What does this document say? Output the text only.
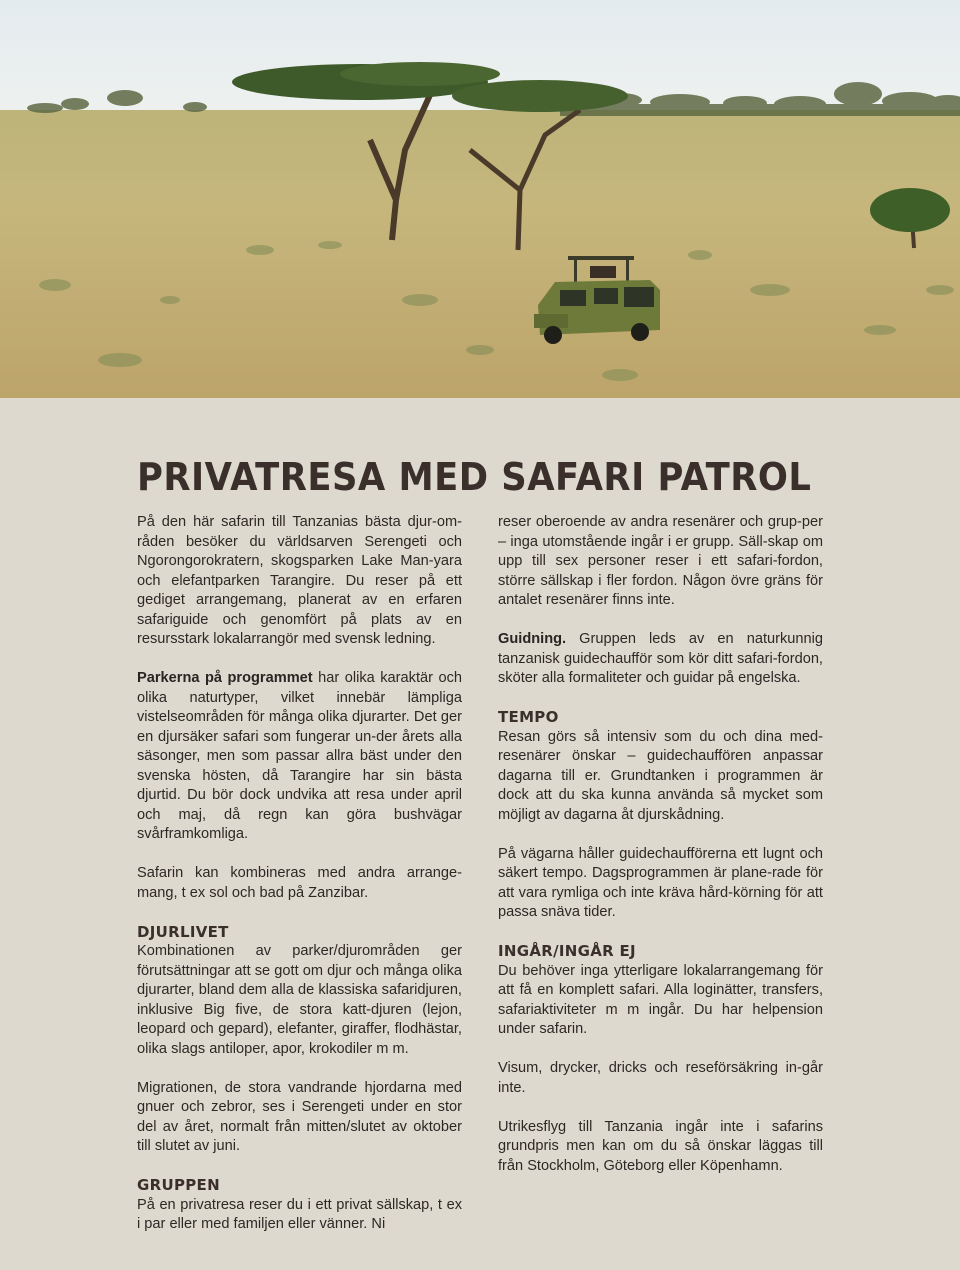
PRIVATRESA MED SAFARI PATROL

På den här safarin till Tanzanias bästa djur-om-råden besöker du världsarven Serengeti och Ngorongorokratern, skogsparken Lake Man-yara och elefantparken Tarangire. Du reser på ett gediget arrangemang, planerat av en erfaren safariguide och genomfört på plats av en resursstark lokalarrangör med svensk ledning.

Parkerna på programmet har olika karaktär och olika naturtyper, vilket innebär lämpliga vistelseområden för många olika djurarter. Det ger en djursäker safari som fungerar un-der årets alla säsonger, men som passar allra bäst under den svenska hösten, då Tarangire har sin bästa djurtid. Du bör dock undvika att resa under april och maj, då regn kan göra bushvägar svårframkomliga.

Safarin kan kombineras med andra arrange-mang, t ex sol och bad på Zanzibar.

DJURLIVET

Kombinationen av parker/djurområden ger förutsättningar att se gott om djur och många olika djurarter, bland dem alla de klassiska safaridjuren, inklusive Big five, de stora katt-djuren (lejon, leopard och gepard), elefanter, giraffer, flodhästar, olika slags antiloper, apor, krokodiler m m.

Migrationen, de stora vandrande hjordarna med gnuer och zebror, ses i Serengeti under en stor del av året, normalt från mitten/slutet av oktober till slutet av juni.

GRUPPEN

På en privatresa reser du i ett privat sällskap, t ex i par eller med familjen eller vänner. Ni

reser oberoende av andra resenärer och grup-per – inga utomstående ingår i er grupp. Säll-skap om upp till sex personer reser i ett safari-fordon, större sällskap i fler fordon. Någon övre gräns för antalet resenärer finns inte.

Guidning. Gruppen leds av en naturkunnig tanzanisk guidechaufför som kör ditt safari-fordon, sköter alla formaliteter och guidar på engelska.

TEMPO

Resan görs så intensiv som du och dina med-resenärer önskar – guidechauffören anpassar dagarna till er. Grundtanken i programmen är dock att du ska kunna använda så mycket som möjligt av dagarna åt djurskådning.

På vägarna håller guidechaufförerna ett lugnt och säkert tempo. Dagsprogrammen är plane-rade för att vara rymliga och inte kräva hård-körning för att passa snäva tider.

INGÅR/INGÅR EJ

Du behöver inga ytterligare lokalarrangemang för att få en komplett safari. Alla loginätter, transfers, safariaktiviteter m m ingår. Du har helpension under safarin.

Visum, drycker, dricks och reseförsäkring in-går inte.

Utrikesflyg till Tanzania ingår inte i safarins grundpris men kan om du så önskar läggas till från Stockholm, Göteborg eller Köpenhamn.
